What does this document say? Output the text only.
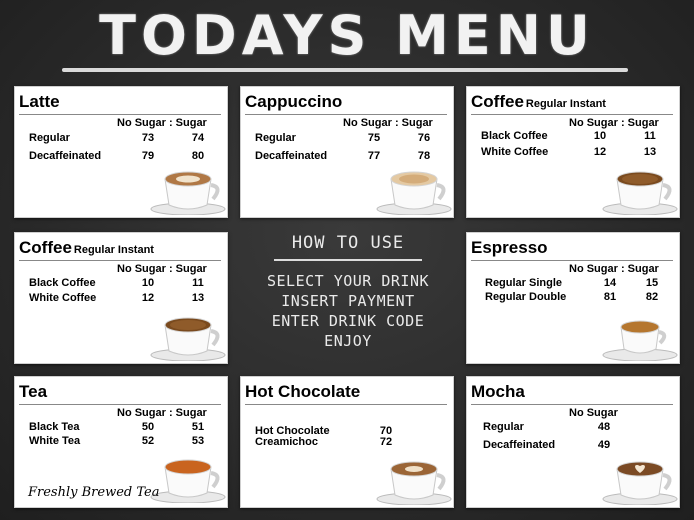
TODAYS MENU
Latte
No Sugar : Sugar
Regular	73	74
Decaffeinated	79	80
Cappuccino
No Sugar : Sugar
Regular	75	76
Decaffeinated	77	78
Coffee Regular Instant
No Sugar : Sugar
Black Coffee	10	11
White Coffee	12	13
Coffee Regular Instant
No Sugar : Sugar
Black Coffee	10	11
White Coffee	12	13
HOW TO USE
SELECT YOUR DRINK
INSERT PAYMENT
ENTER DRINK CODE
ENJOY
Espresso
No Sugar : Sugar
Regular Single	14	15
Regular Double	81	82
Tea
No Sugar : Sugar
Black Tea	50	51
White Tea	52	53
Freshly Brewed Tea
Hot Chocolate
Hot Chocolate	70
Creamichoc	72
Mocha
No Sugar
Regular	48
Decaffeinated	49
